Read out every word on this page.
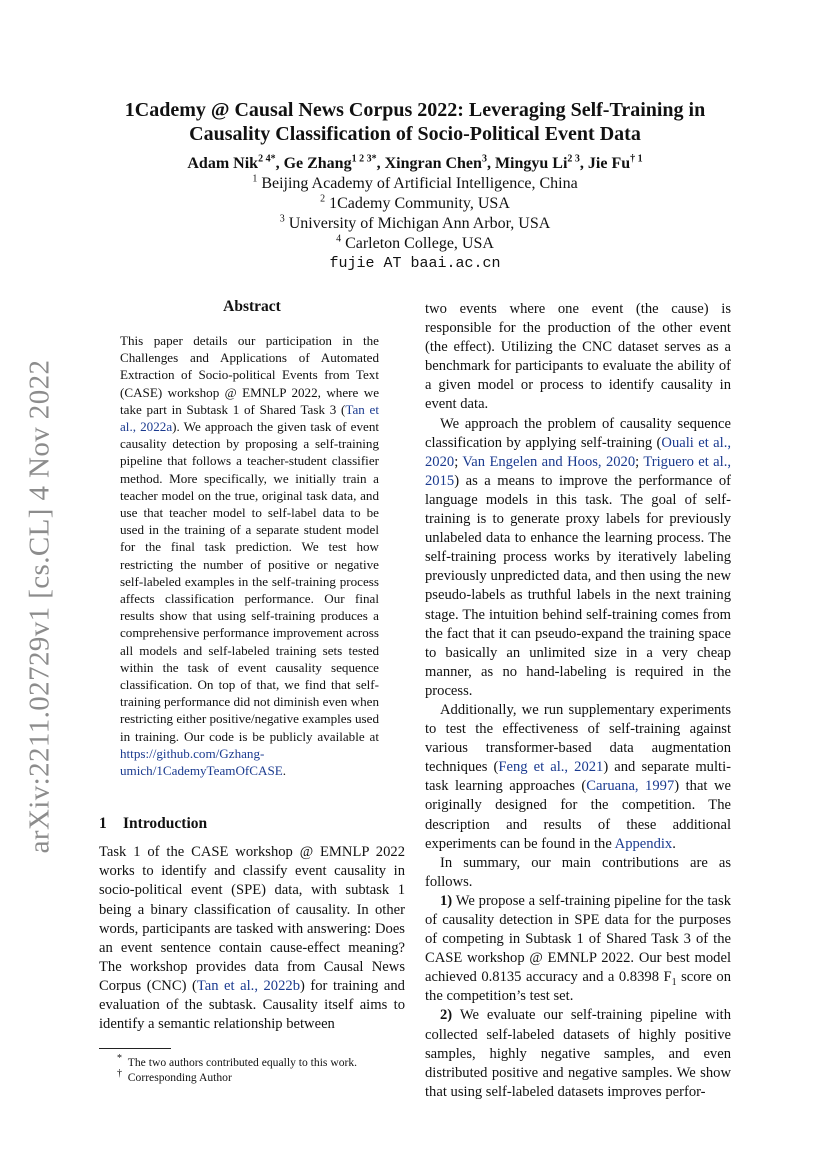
arXiv:2211.02729v1 [cs.CL] 4 Nov 2022
1Cademy @ Causal News Corpus 2022: Leveraging Self-Training in Causality Classification of Socio-Political Event Data
Adam Nik$^{2 4*}$, Ge Zhang$^{1 2 3*}$, Xingran Chen$^3$, Mingyu $Li^{2 3}$, Jie Fu$^{\dagger 1}$
$^1$ Beijing Academy of Artificial Intelligence, China
$^2$ 1Cademy Community, USA
$^3$ University of Michigan Ann Arbor, USA
$^4$ Carleton College, USA
fujie AT baai.ac.cn
Abstract

This paper details our participation in the Challenges and Applications of Automated Extraction of Socio-political Events from Text (CASE) workshop @ EMNLP 2022, where we take part in Subtask 1 of Shared Task 3 (Tan et al., 2022a). We approach the given task of event causality detection by proposing a self-training pipeline that follows a teacher-student classifier method. More specifically, we initially train a teacher model on the true, original task data, and use that teacher model to self-label data to be used in the training of a separate student model for the final task prediction. We test how restricting the number of positive or negative self-labeled examples in the self-training process affects classification performance. Our final results show that using self-training produces a comprehensive performance improvement across all models and self-labeled training sets tested within the task of event causality sequence classification. On top of that, we find that self-training performance did not diminish even when restricting either positive/negative examples used in training. Our code is be publicly available at https://github.com/Gzhang-umich/1CademyTeamOfCASE.

1 Introduction

Task 1 of the CASE workshop @ EMNLP 2022 works to identify and classify event causality in socio-political event (SPE) data, with subtask 1 being a binary classification of causality. In other words, participants are tasked with answering: Does an event sentence contain cause-effect meaning? The workshop provides data from Causal News Corpus (CNC) (Tan et al., 2022b) for training and evaluation of the subtask. Causality itself aims to identify a semantic relationship between

* The two authors contributed equally to this work.
† Corresponding Author

two events where one event (the cause) is responsible for the production of the other event (the effect). Utilizing the CNC dataset serves as a benchmark for participants to evaluate the ability of a given model or process to identify causality in event data.

We approach the problem of causality sequence classification by applying self-training (Ouali et al., 2020; Van Engelen and Hoos, 2020; Triguero et al., 2015) as a means to improve the performance of language models in this task. The goal of self-training is to generate proxy labels for previously unlabeled data to enhance the learning process. The self-training process works by iteratively labeling previously unpredicted data, and then using the new pseudo-labels as truthful labels in the next training stage. The intuition behind self-training comes from the fact that it can pseudo-expand the training space to basically an unlimited size in a very cheap manner, as no hand-labeling is required in the process.

Additionally, we run supplementary experiments to test the effectiveness of self-training against various transformer-based data augmentation techniques (Feng et al., 2021) and separate multi-task learning approaches (Caruana, 1997) that we originally designed for the competition. The description and results of these additional experiments can be found in the Appendix.

In summary, our main contributions are as follows.

1) We propose a self-training pipeline for the task of causality detection in SPE data for the purposes of competing in Subtask 1 of Shared Task 3 of the CASE workshop @ EMNLP 2022. Our best model achieved 0.8135 accuracy and a 0.8398 $F_1$ score on the competition’s test set.

2) We evaluate our self-training pipeline with collected self-labeled datasets of highly positive samples, highly negative samples, and even distributed positive and negative samples. We show that using self-labeled datasets improves perfor-
